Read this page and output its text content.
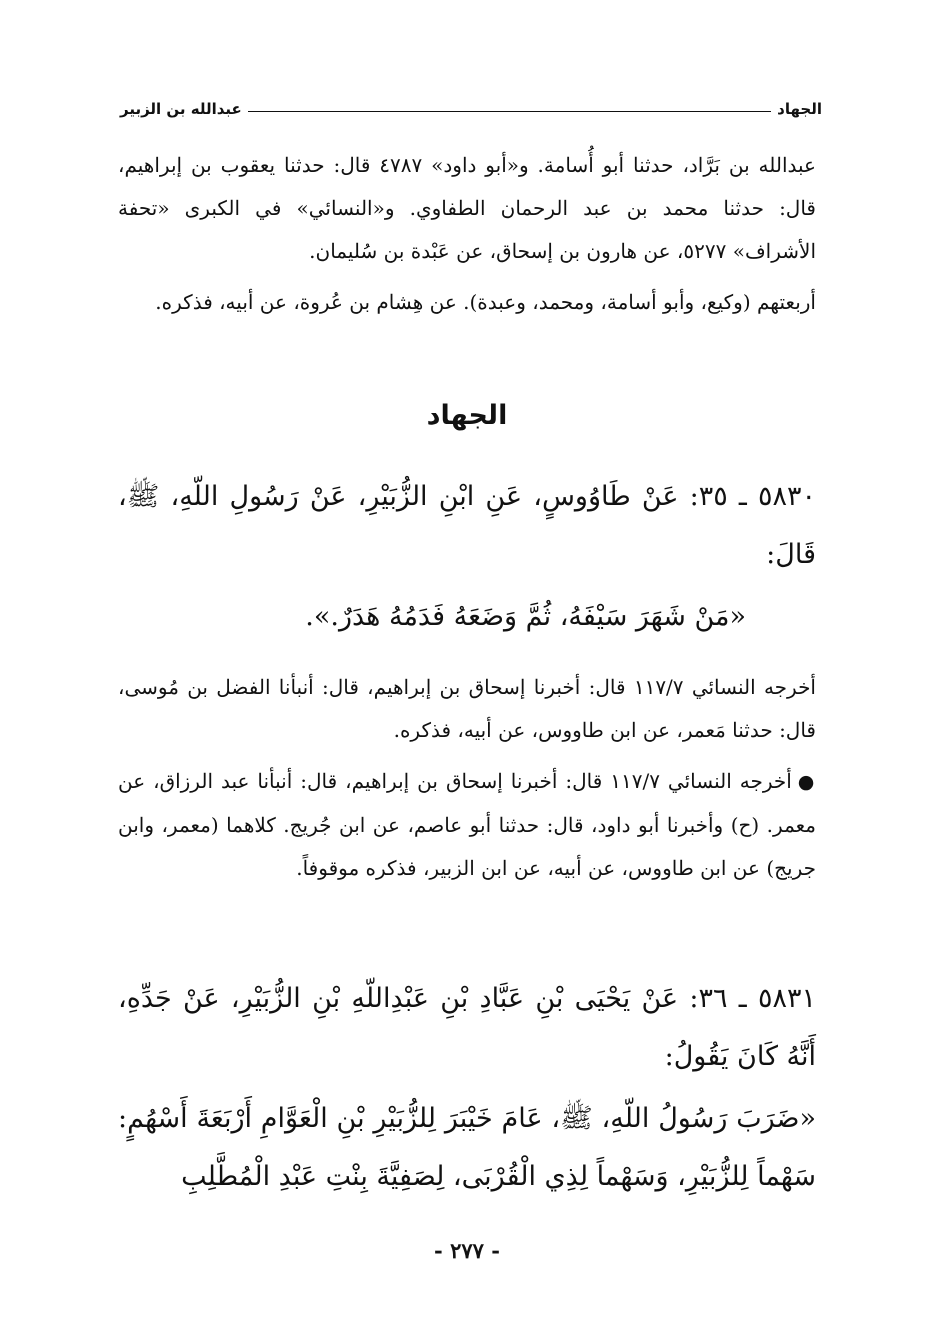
الجهاد
عبدالله بن الزبير
عبدالله بن بَرَّاد، حدثنا أبو أُسامة. و«أبو داود» ٤٧٨٧ قال: حدثنا يعقوب بن إبراهيم، قال: حدثنا محمد بن عبد الرحمان الطفاوي. و«النسائي» في الكبرى «تحفة الأشراف» ٥٢٧٧، عن هارون بن إسحاق، عن عَبْدة بن سُليمان.
أربعتهم (وكيع، وأبو أسامة، ومحمد، وعبدة). عن هِشام بن عُروة، عن أبيه، فذكره.
الجهاد
٥٨٣٠ ـ ٣٥: عَنْ طَاوُوسٍ، عَنِ ابْنِ الزُّبَيْرِ، عَنْ رَسُولِ اللّهِ، ﷺ، قَالَ:
«مَنْ شَهَرَ سَيْفَهُ، ثُمَّ وَضَعَهُ فَدَمُهُ هَدَرٌ.».
أخرجه النسائي ١١٧/٧ قال: أخبرنا إسحاق بن إبراهيم، قال: أنبأنا الفضل بن مُوسى، قال: حدثنا مَعمر، عن ابن طاووس، عن أبيه، فذكره.
●أخرجه النسائي ١١٧/٧ قال: أخبرنا إسحاق بن إبراهيم، قال: أنبأنا عبد الرزاق، عن معمر. (ح) وأخبرنا أبو داود، قال: حدثنا أبو عاصم، عن ابن جُريج. كلاهما (معمر، وابن جريج) عن ابن طاووس، عن أبيه، عن ابن الزبير، فذكره موقوفاً.
٥٨٣١ ـ ٣٦: عَنْ يَحْيَى بْنِ عَبَّادِ بْنِ عَبْدِاللّهِ بْنِ الزُّبَيْرِ، عَنْ جَدِّهِ، أَنَّهُ كَانَ يَقُولُ:
«ضَرَبَ رَسُولُ اللّهِ، ﷺ، عَامَ خَيْبَرَ لِلزُّبَيْرِ بْنِ الْعَوَّامِ أَرْبَعَةَ أَسْهُمٍ: سَهْماً لِلزُّبَيْرِ، وَسَهْماً لِذِي الْقُرْبَى، لِصَفِيَّةَ بِنْتِ عَبْدِ الْمُطَّلِبِ
- ٢٧٧ -
